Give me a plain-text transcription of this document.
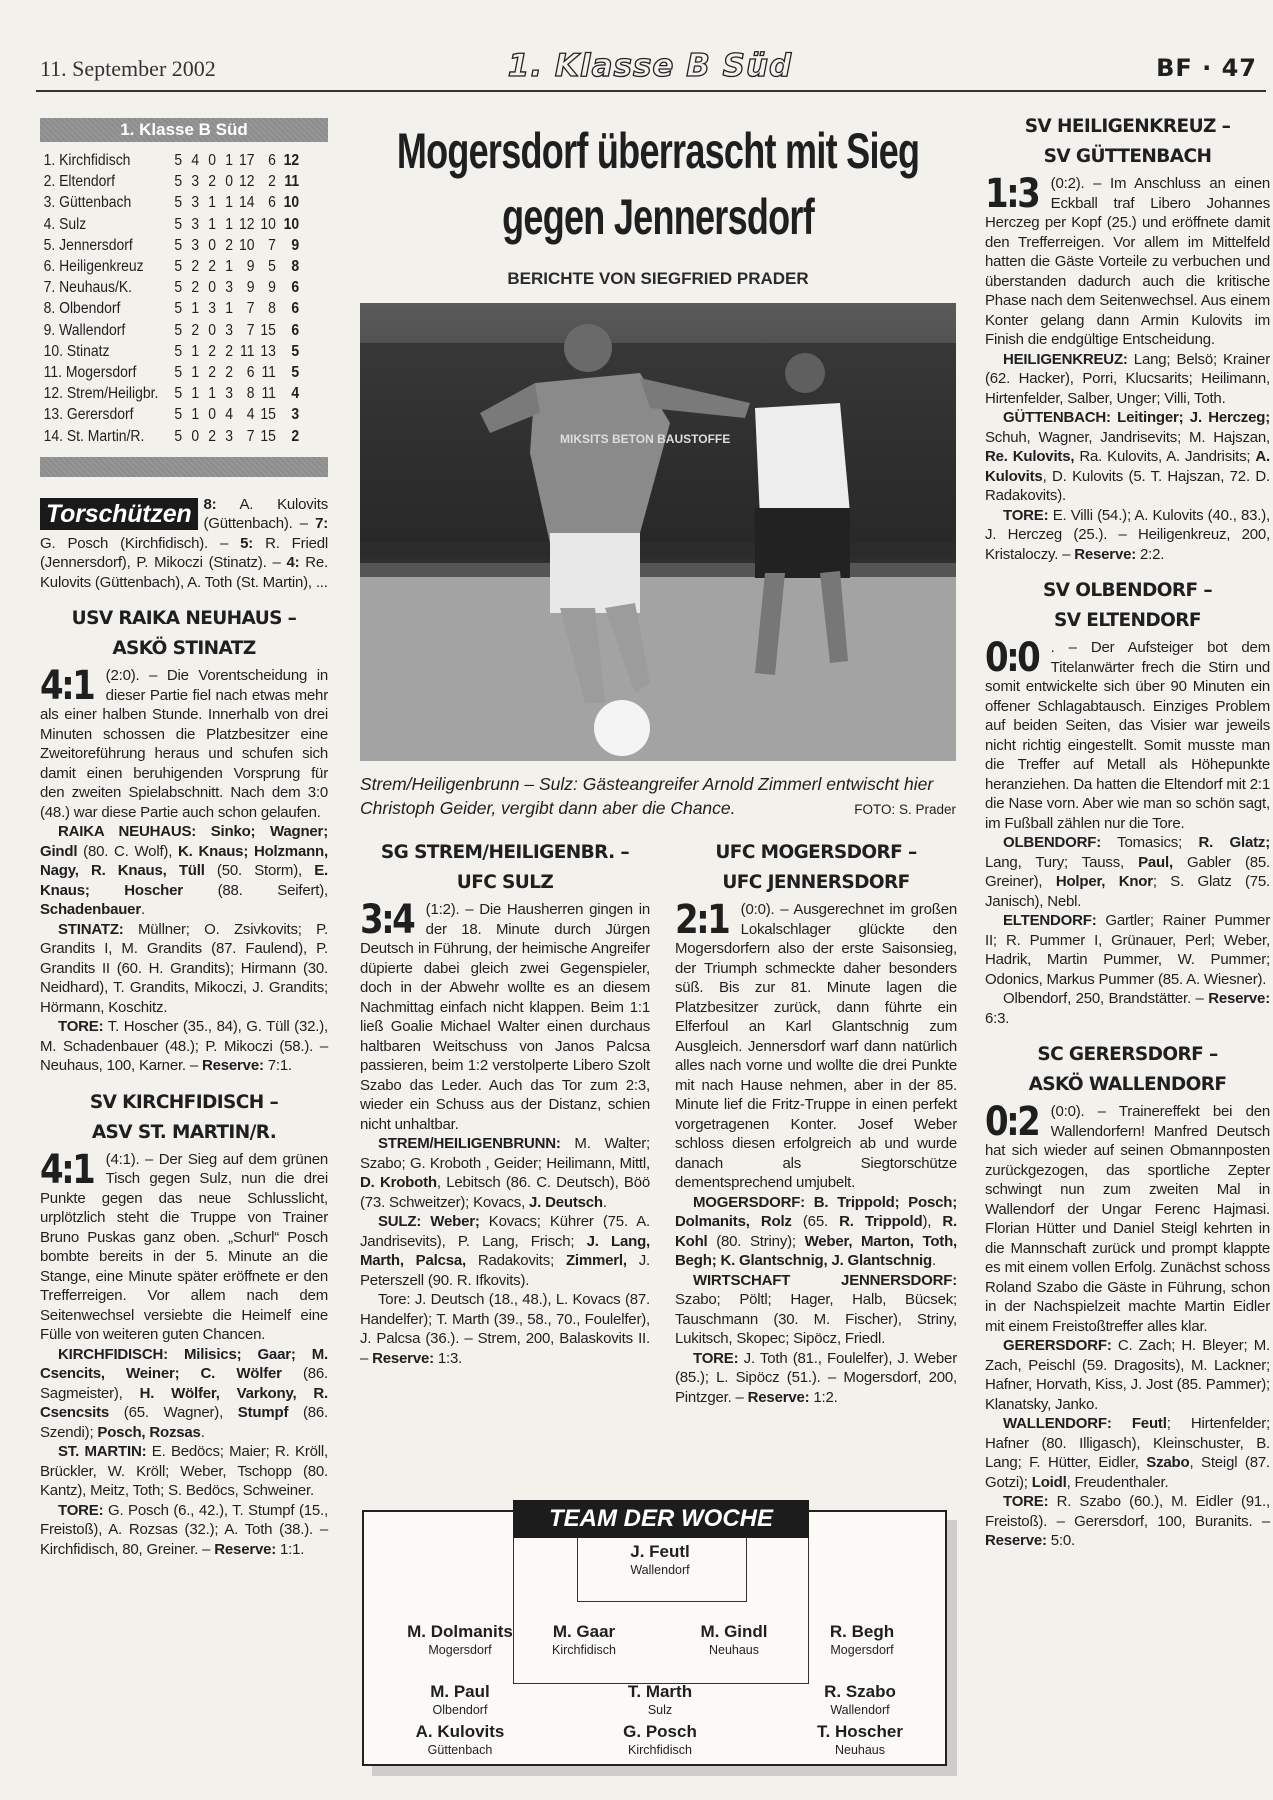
11. September 2002	1. Klasse B Süd	BF · 47
1. Klasse B Süd
1. Kirchfidisch	5 4 0 1 17 6 12
2. Eltendorf	5 3 2 0 12 2 11
3. Güttenbach	5 3 1 1 14 6 10
4. Sulz	5 3 1 1 12 10 10
5. Jennersdorf	5 3 0 2 10 7 9
6. Heiligenkreuz	5 2 2 1 9 5 8
7. Neuhaus/K.	5 2 0 3 9 9 6
8. Olbendorf	5 1 3 1 7 8 6
9. Wallendorf	5 2 0 3 7 15 6
10. Stinatz	5 1 2 2 11 13 5
11. Mogersdorf	5 1 2 2 6 11 5
12. Strem/Heiligbr.	5 1 1 3 8 11 4
13. Gerersdorf	5 1 0 4 4 15 3
14. St. Martin/R.	5 0 2 3 7 15 2
Torschützen 8: A. Kulovits (Güttenbach). – 7: G. Posch (Kirchfidisch). – 5: R. Friedl (Jennersdorf), P. Mikoczi (Stinatz). – 4: Re. Kulovits (Güttenbach), A. Toth (St. Martin), ...
USV RAIKA NEUHAUS –
ASKÖ STINATZ
4:1 (2:0). – Die Vorentscheidung in dieser Partie fiel nach etwas mehr als einer halben Stunde. Innerhalb von drei Minuten schossen die Platzbesitzer eine Zweitoreführung heraus und schufen sich damit einen beruhigenden Vorsprung für den zweiten Spielabschnitt. Nach dem 3:0 (48.) war diese Partie auch schon gelaufen.
RAIKA NEUHAUS: Sinko; Wagner; Gindl (80. C. Wolf), K. Knaus; Holzmann, Nagy, R. Knaus, Tüll (50. Storm), E. Knaus; Hoscher (88. Seifert), Schadenbauer.
STINATZ: Müllner; O. Zsivkovits; P. Grandits I, M. Grandits (87. Faulend), P. Grandits II (60. H. Grandits); Hirmann (30. Neidhard), T. Grandits, Mikoczi, J. Grandits; Hörmann, Koschitz.
TORE: T. Hoscher (35., 84), G. Tüll (32.), M. Schadenbauer (48.); P. Mikoczi (58.). – Neuhaus, 100, Karner. – Reserve: 7:1.
SV KIRCHFIDISCH –
ASV ST. MARTIN/R.
4:1 (4:1). – Der Sieg auf dem grünen Tisch gegen Sulz, nun die drei Punkte gegen das neue Schlusslicht, urplötzlich steht die Truppe von Trainer Bruno Puskas ganz oben. „Schurl“ Posch bombte bereits in der 5. Minute an die Stange, eine Minute später eröffnete er den Trefferreigen. Vor allem nach dem Seitenwechsel versiebte die Heimelf eine Fülle von weiteren guten Chancen.
KIRCHFIDISCH: Milisics; Gaar; M. Csencits, Weiner; C. Wölfer (86. Sagmeister), H. Wölfer, Varkony, R. Csencsits (65. Wagner), Stumpf (86. Szendi); Posch, Rozsas.
ST. MARTIN: E. Bedöcs; Maier; R. Kröll, Brückler, W. Kröll; Weber, Tschopp (80. Kantz), Meitz, Toth; S. Bedöcs, Schweiner.
TORE: G. Posch (6., 42.), T. Stumpf (15., Freistoß), A. Rozsas (32.); A. Toth (38.). – Kirchfidisch, 80, Greiner. – Reserve: 1:1.
Mogersdorf überrascht mit Sieg gegen Jennersdorf
BERICHTE VON SIEGFRIED PRADER
MIKSITS BETON BAUSTOFFE
Strem/Heiligenbrunn – Sulz: Gästeangreifer Arnold Zimmerl entwischt hier Christoph Geider, vergibt dann aber die Chance.	FOTO: S. Prader
SG STREM/HEILIGENBR. –
UFC SULZ
3:4 (1:2). – Die Hausherren gingen in der 18. Minute durch Jürgen Deutsch in Führung, der heimische Angreifer düpierte dabei gleich zwei Gegenspieler, doch in der Abwehr wollte es an diesem Nachmittag einfach nicht klappen. Beim 1:1 ließ Goalie Michael Walter einen durchaus haltbaren Weitschuss von Janos Palcsa passieren, beim 1:2 verstolperte Libero Szolt Szabo das Leder. Auch das Tor zum 2:3, wieder ein Schuss aus der Distanz, schien nicht unhaltbar.
STREM/HEILIGENBRUNN: M. Walter; Szabo; G. Kroboth , Geider; Heilimann, Mittl, D. Kroboth, Lebitsch (86. C. Deutsch), Böö (73. Schweitzer); Kovacs, J. Deutsch.
SULZ: Weber; Kovacs; Kührer (75. A. Jandrisevits), P. Lang, Frisch; J. Lang, Marth, Palcsa, Radakovits; Zimmerl, J. Peterszell (90. R. Ifkovits).
Tore: J. Deutsch (18., 48.), L. Kovacs (87. Handelfer); T. Marth (39., 58., 70., Foulelfer), J. Palcsa (36.). – Strem, 200, Balaskovits II. – Reserve: 1:3.
UFC MOGERSDORF –
UFC JENNERSDORF
2:1 (0:0). – Ausgerechnet im großen Lokalschlager glückte den Mogersdorfern also der erste Saisonsieg, der Triumph schmeckte daher besonders süß. Bis zur 81. Minute lagen die Platzbesitzer zurück, dann führte ein Elferfoul an Karl Glantschnig zum Ausgleich. Jennersdorf warf dann natürlich alles nach vorne und wollte die drei Punkte mit nach Hause nehmen, aber in der 85. Minute lief die Fritz-Truppe in einen perfekt vorgetragenen Konter. Josef Weber schloss diesen erfolgreich ab und wurde danach als Siegtorschütze dementsprechend umjubelt.
MOGERSDORF: B. Trippold; Posch; Dolmanits, Rolz (65. R. Trippold), R. Kohl (80. Striny); Weber, Marton, Toth, Begh; K. Glantschnig, J. Glantschnig.
WIRTSCHAFT JENNERSDORF: Szabo; Pöltl; Hager, Halb, Bücsek; Tauschmann (30. M. Fischer), Striny, Lukitsch, Skopec; Sipöcz, Friedl.
TORE: J. Toth (81., Foulelfer), J. Weber (85.); L. Sipöcz (51.). – Mogersdorf, 200, Pintzger. – Reserve: 1:2.
TEAM DER WOCHE
J. Feutl
Wallendorf
M. Dolmanits
Mogersdorf
M. Gaar
Kirchfidisch
M. Gindl
Neuhaus
R. Begh
Mogersdorf
M. Paul
Olbendorf
T. Marth
Sulz
R. Szabo
Wallendorf
A. Kulovits
Güttenbach
G. Posch
Kirchfidisch
T. Hoscher
Neuhaus
SV HEILIGENKREUZ –
SV GÜTTENBACH
1:3 (0:2). – Im Anschluss an einen Eckball traf Libero Johannes Herczeg per Kopf (25.) und eröffnete damit den Trefferreigen. Vor allem im Mittelfeld hatten die Gäste Vorteile zu verbuchen und überstanden dadurch auch die kritische Phase nach dem Seitenwechsel. Aus einem Konter gelang dann Armin Kulovits im Finish die endgültige Entscheidung.
HEILIGENKREUZ: Lang; Belsö; Krainer (62. Hacker), Porri, Klucsarits; Heilimann, Hirtenfelder, Salber, Unger; Villi, Toth.
GÜTTENBACH: Leitinger; J. Herczeg; Schuh, Wagner, Jandrisevits; M. Hajszan, Re. Kulovits, Ra. Kulovits, A. Jandrisits; A. Kulovits, D. Kulovits (5. T. Hajszan, 72. D. Radakovits).
TORE: E. Villi (54.); A. Kulovits (40., 83.), J. Herczeg (25.). – Heiligenkreuz, 200, Kristaloczy. – Reserve: 2:2.
SV OLBENDORF –
SV ELTENDORF
0:0 . – Der Aufsteiger bot dem Titelanwärter frech die Stirn und somit entwickelte sich über 90 Minuten ein offener Schlagabtausch. Einziges Problem auf beiden Seiten, das Visier war jeweils nicht richtig eingestellt. Somit musste man die Treffer auf Metall als Höhepunkte heranziehen. Da hatten die Eltendorf mit 2:1 die Nase vorn. Aber wie man so schön sagt, im Fußball zählen nur die Tore.
OLBENDORF: Tomasics; R. Glatz; Lang, Tury; Tauss, Paul, Gabler (85. Greiner), Holper, Knor; S. Glatz (75. Janisch), Nebl.
ELTENDORF: Gartler; Rainer Pummer II; R. Pummer I, Grünauer, Perl; Weber, Hadrik, Martin Pummer, W. Pummer; Odonics, Markus Pummer (85. A. Wiesner).
Olbendorf, 250, Brandstätter. – Reserve: 6:3.
SC GERERSDORF –
ASKÖ WALLENDORF
0:2 (0:0). – Trainereffekt bei den Wallendorfern! Manfred Deutsch hat sich wieder auf seinen Obmannposten zurückgezogen, das sportliche Zepter schwingt nun zum zweiten Mal in Wallendorf der Ungar Ferenc Hajmasi. Florian Hütter und Daniel Steigl kehrten in die Mannschaft zurück und prompt klappte es mit einem vollen Erfolg. Zunächst schoss Roland Szabo die Gäste in Führung, schon in der Nachspielzeit machte Martin Eidler mit einem Freistoßtreffer alles klar.
GERERSDORF: C. Zach; H. Bleyer; M. Zach, Peischl (59. Dragosits), M. Lackner; Hafner, Horvath, Kiss, J. Jost (85. Pammer); Klanatsky, Janko.
WALLENDORF: Feutl; Hirtenfelder; Hafner (80. Illigasch), Kleinschuster, B. Lang; F. Hütter, Eidler, Szabo, Steigl (87. Gotzi); Loidl, Freudenthaler.
TORE: R. Szabo (60.), M. Eidler (91., Freistoß). – Gerersdorf, 100, Buranits. – Reserve: 5:0.
